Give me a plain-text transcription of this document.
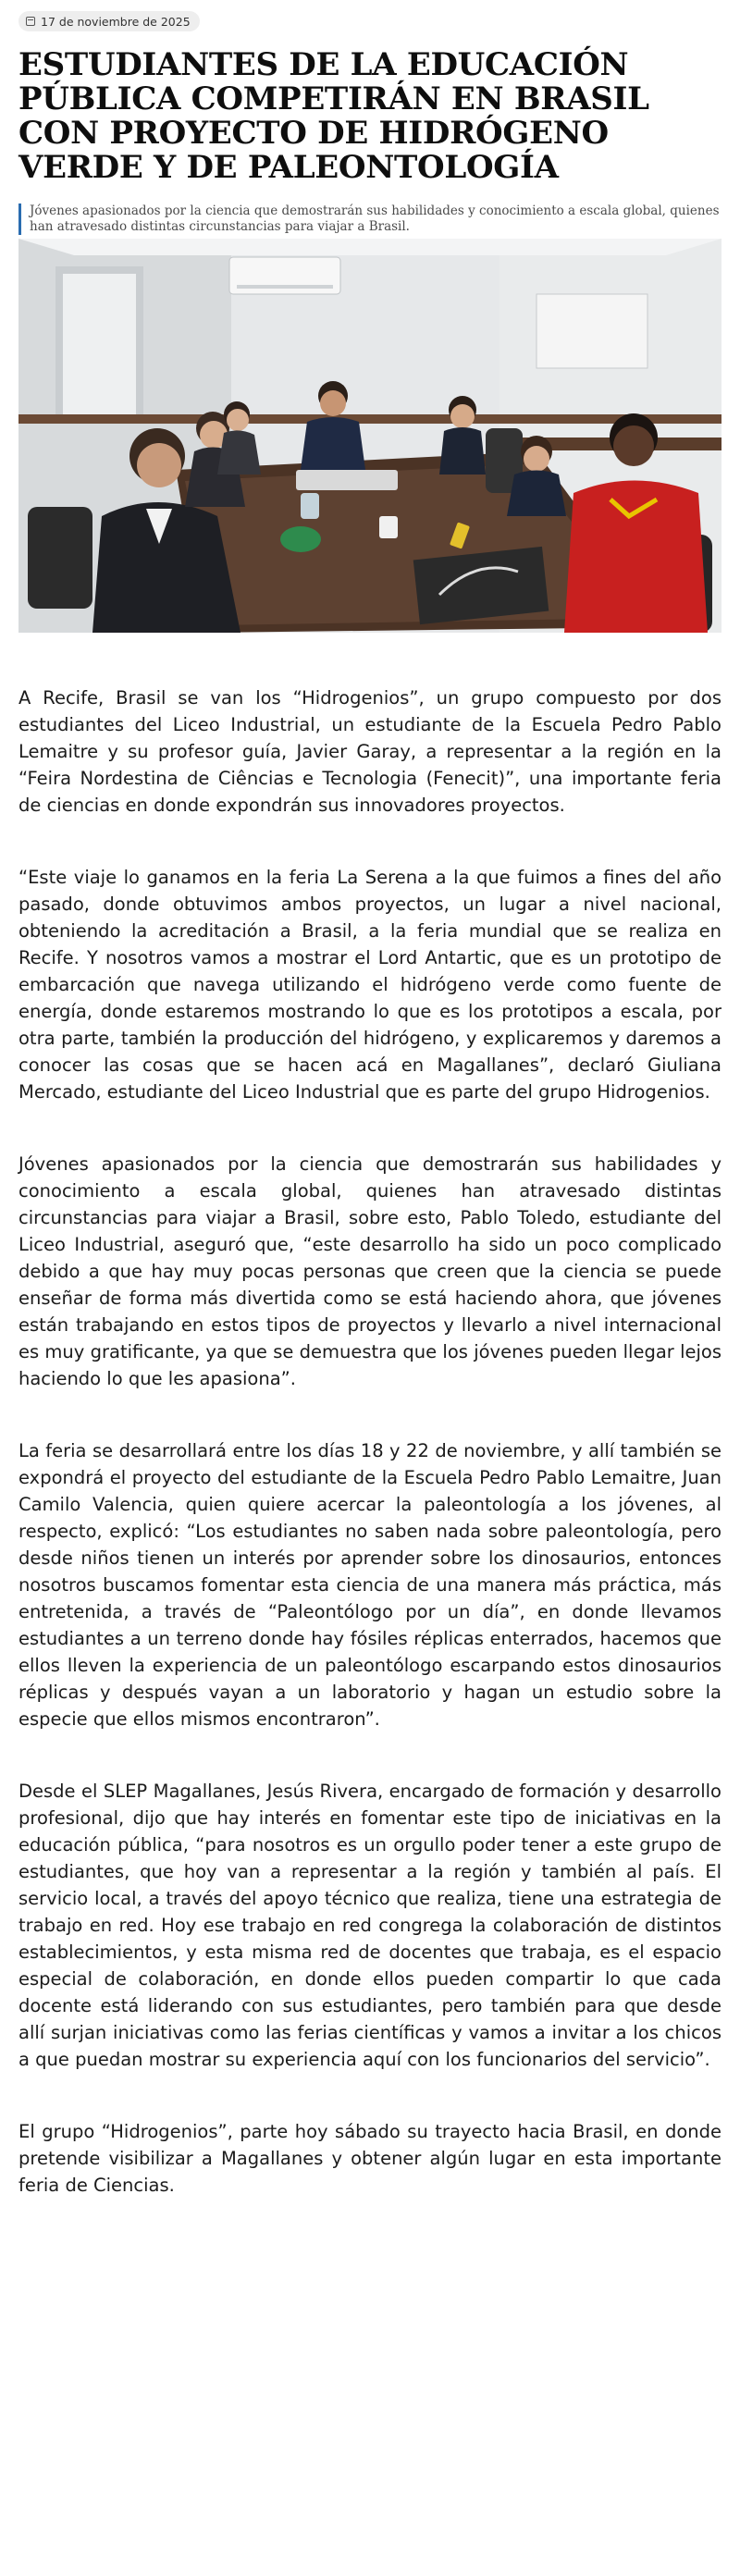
17 de noviembre de 2025
ESTUDIANTES DE LA EDUCACIÓN PÚBLICA COMPETIRÁN EN BRASIL CON PROYECTO DE HIDRÓGENO VERDE Y DE PALEONTOLOGÍA
Jóvenes apasionados por la ciencia que demostrarán sus habilidades y conocimiento a escala global, quienes han atravesado distintas circunstancias para viajar a Brasil.

A Recife, Brasil se van los “Hidrogenios”, un grupo compuesto por dos estudiantes del Liceo Industrial, un estudiante de la Escuela Pedro Pablo Lemaitre y su profesor guía, Javier Garay, a representar a la región en la “Feira Nordestina de Ciências e Tecnologia (Fenecit)”, una importante feria de ciencias en donde expondrán sus innovadores proyectos.

“Este viaje lo ganamos en la feria La Serena a la que fuimos a fines del año pasado, donde obtuvimos ambos proyectos, un lugar a nivel nacional, obteniendo la acreditación a Brasil, a la feria mundial que se realiza en Recife. Y nosotros vamos a mostrar el Lord Antartic, que es un prototipo de embarcación que navega utilizando el hidrógeno verde como fuente de energía, donde estaremos mostrando lo que es los prototipos a escala, por otra parte, también la producción del hidrógeno, y explicaremos y daremos a conocer las cosas que se hacen acá en Magallanes”, declaró Giuliana Mercado, estudiante del Liceo Industrial que es parte del grupo Hidrogenios.

Jóvenes apasionados por la ciencia que demostrarán sus habilidades y conocimiento a escala global, quienes han atravesado distintas circunstancias para viajar a Brasil, sobre esto, Pablo Toledo, estudiante del Liceo Industrial, aseguró que, “este desarrollo ha sido un poco complicado debido a que hay muy pocas personas que creen que la ciencia se puede enseñar de forma más divertida como se está haciendo ahora, que jóvenes están trabajando en estos tipos de proyectos y llevarlo a nivel internacional es muy gratificante, ya que se demuestra que los jóvenes pueden llegar lejos haciendo lo que les apasiona”.

La feria se desarrollará entre los días 18 y 22 de noviembre, y allí también se expondrá el proyecto del estudiante de la Escuela Pedro Pablo Lemaitre, Juan Camilo Valencia, quien quiere acercar la paleontología a los jóvenes, al respecto, explicó: “Los estudiantes no saben nada sobre paleontología, pero desde niños tienen un interés por aprender sobre los dinosaurios, entonces nosotros buscamos fomentar esta ciencia de una manera más práctica, más entretenida, a través de “Paleontólogo por un día”, en donde llevamos estudiantes a un terreno donde hay fósiles réplicas enterrados, hacemos que ellos lleven la experiencia de un paleontólogo escarpando estos dinosaurios réplicas y después vayan a un laboratorio y hagan un estudio sobre la especie que ellos mismos encontraron”.

Desde el SLEP Magallanes, Jesús Rivera, encargado de formación y desarrollo profesional, dijo que hay interés en fomentar este tipo de iniciativas en la educación pública, “para nosotros es un orgullo poder tener a este grupo de estudiantes, que hoy van a representar a la región y también al país. El servicio local, a través del apoyo técnico que realiza, tiene una estrategia de trabajo en red. Hoy ese trabajo en red congrega la colaboración de distintos establecimientos, y esta misma red de docentes que trabaja, es el espacio especial de colaboración, en donde ellos pueden compartir lo que cada docente está liderando con sus estudiantes, pero también para que desde allí surjan iniciativas como las ferias científicas y vamos a invitar a los chicos a que puedan mostrar su experiencia aquí con los funcionarios del servicio”.

El grupo “Hidrogenios”, parte hoy sábado su trayecto hacia Brasil, en donde pretende visibilizar a Magallanes y obtener algún lugar en esta importante feria de Ciencias.
